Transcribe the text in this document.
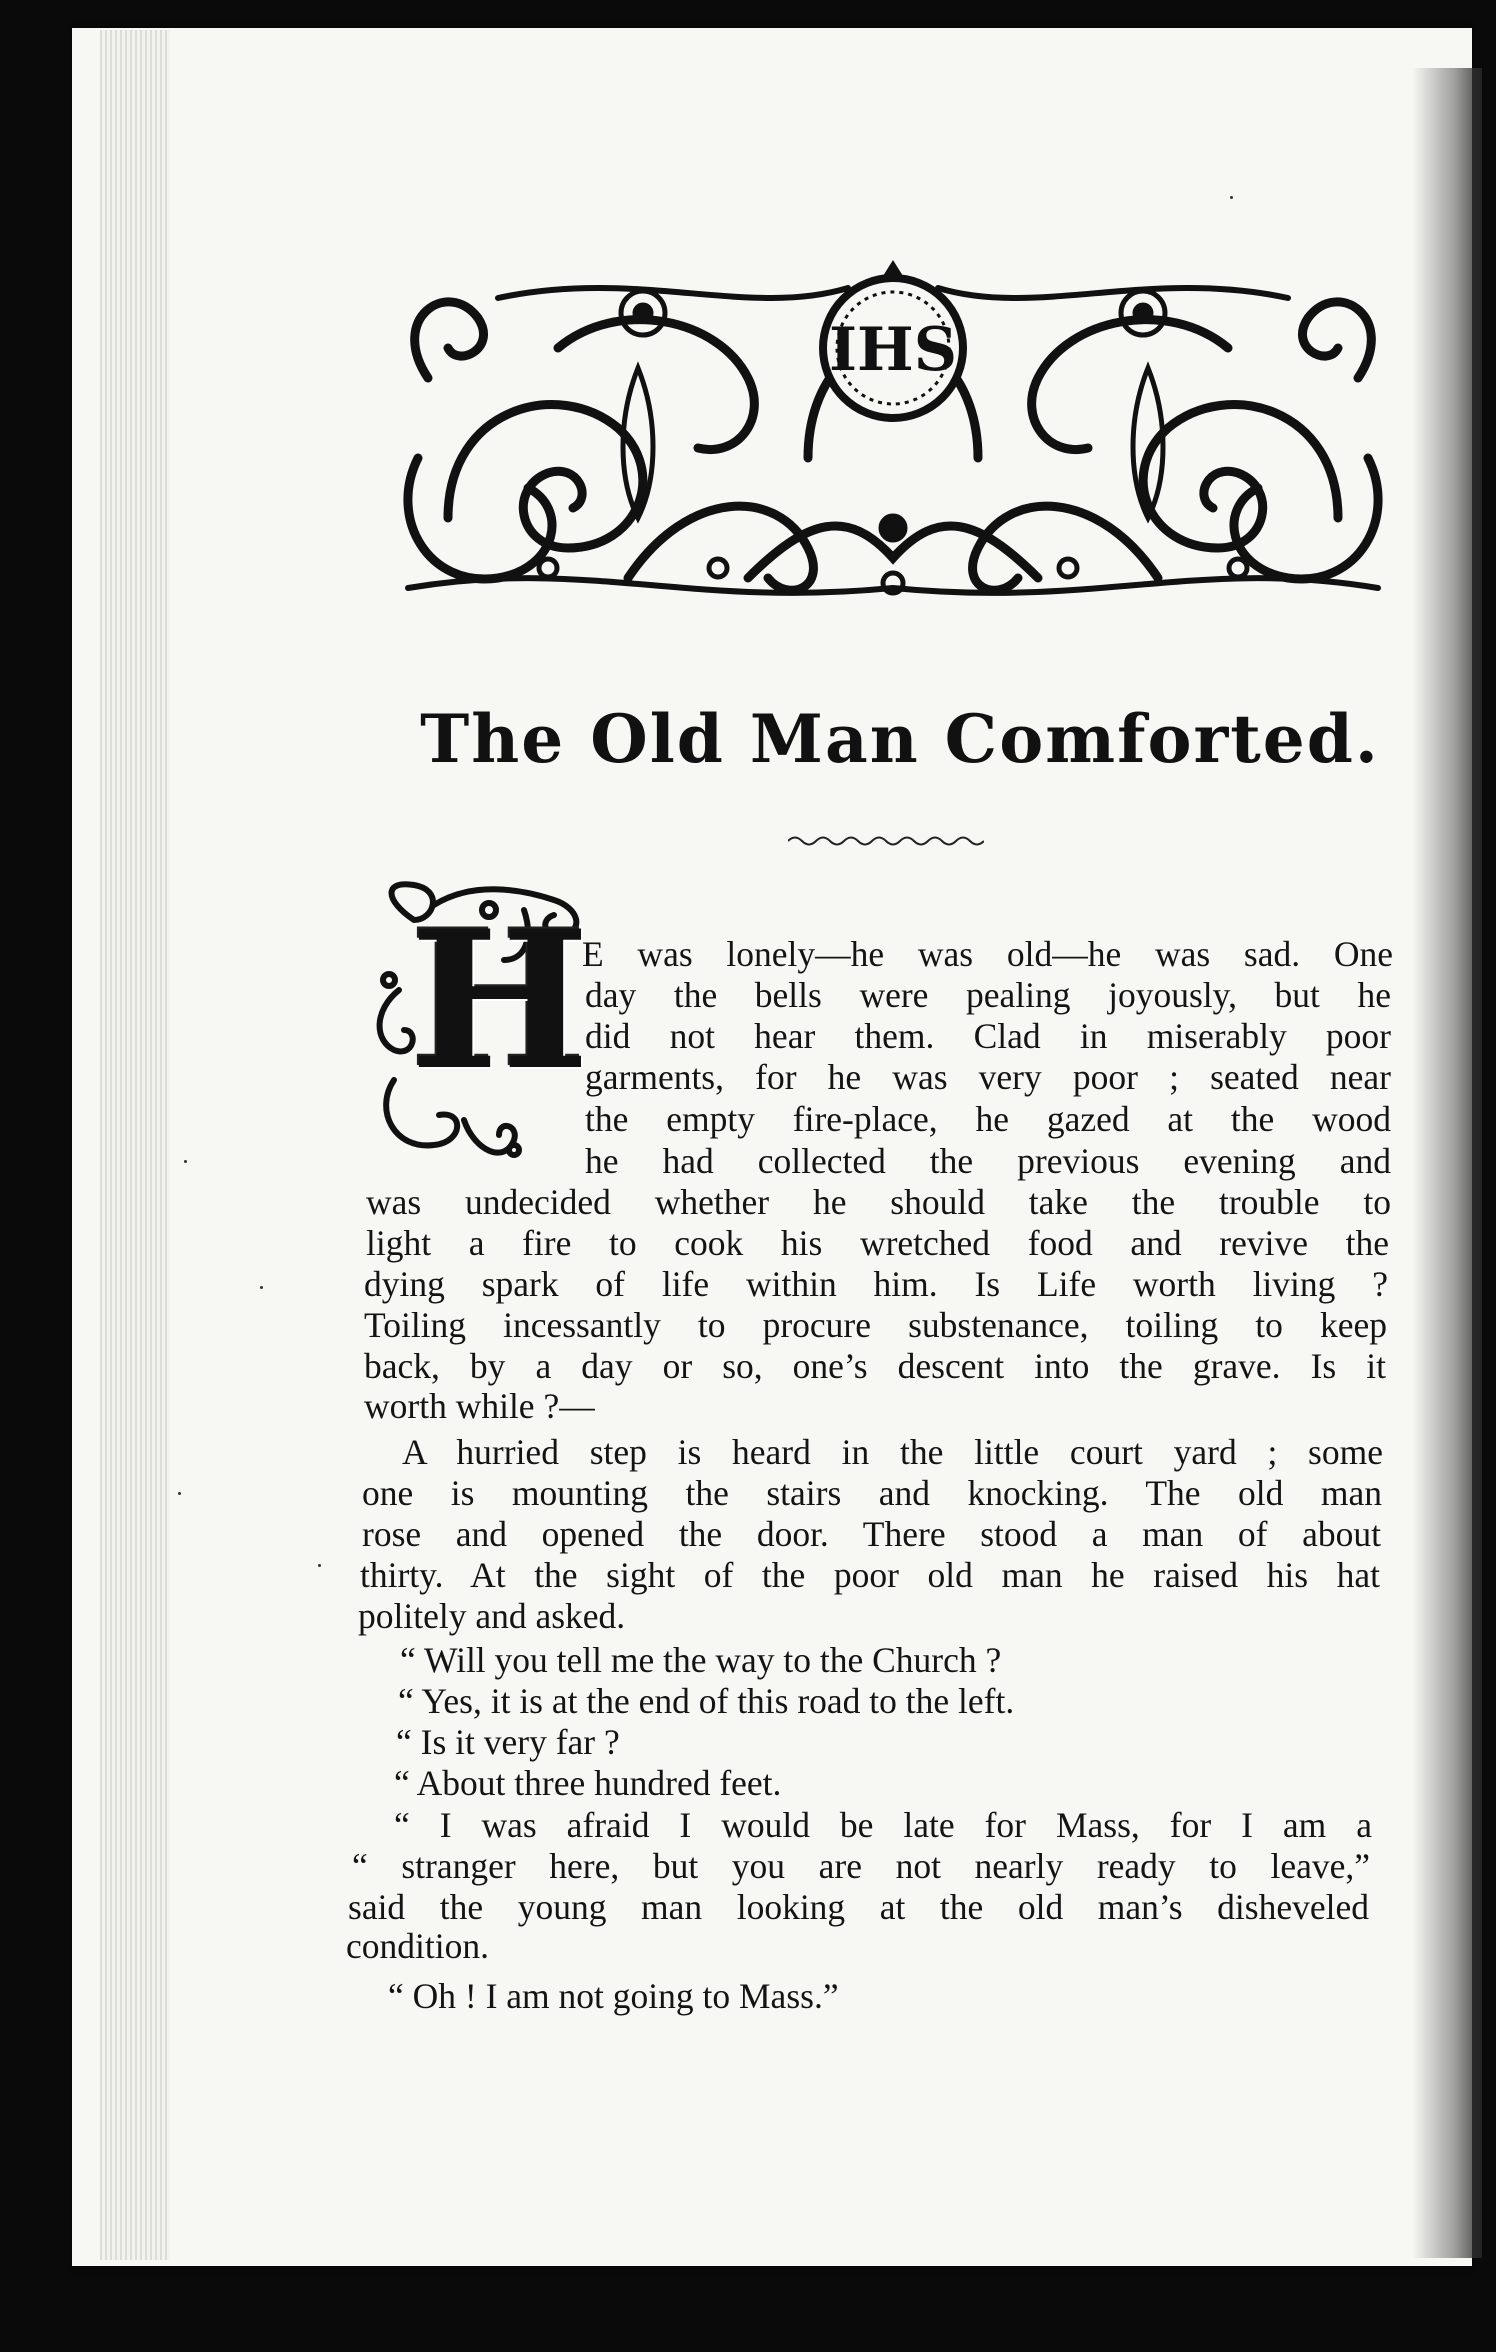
IHS
The Old Man Comforted.
H

E was lonely—he was old—he was sad. One

day the bells were pealing joyously, but he

did not hear them. Clad in miserably poor

garments, for he was very poor ; seated near

the empty fire-place, he gazed at the wood

he had collected the previous evening and

was undecided whether he should take the trouble to

light a fire to cook his wretched food and revive the

dying spark of life within him. Is Life worth living ?

Toiling incessantly to procure substenance, toiling to keep

back, by a day or so, one’s descent into the grave. Is it

worth while ?—

A hurried step is heard in the little court yard ; some

one is mounting the stairs and knocking. The old man

rose and opened the door. There stood a man of about

thirty. At the sight of the poor old man he raised his hat

politely and asked.

“ Will you tell me the way to the Church ?

“ Yes, it is at the end of this road to the left.

“ Is it very far ?

“ About three hundred feet.

“ I was afraid I would be late for Mass, for I am a

“ stranger here, but you are not nearly ready to leave,”

said the young man looking at the old man’s disheveled

condition.

“ Oh ! I am not going to Mass.”
